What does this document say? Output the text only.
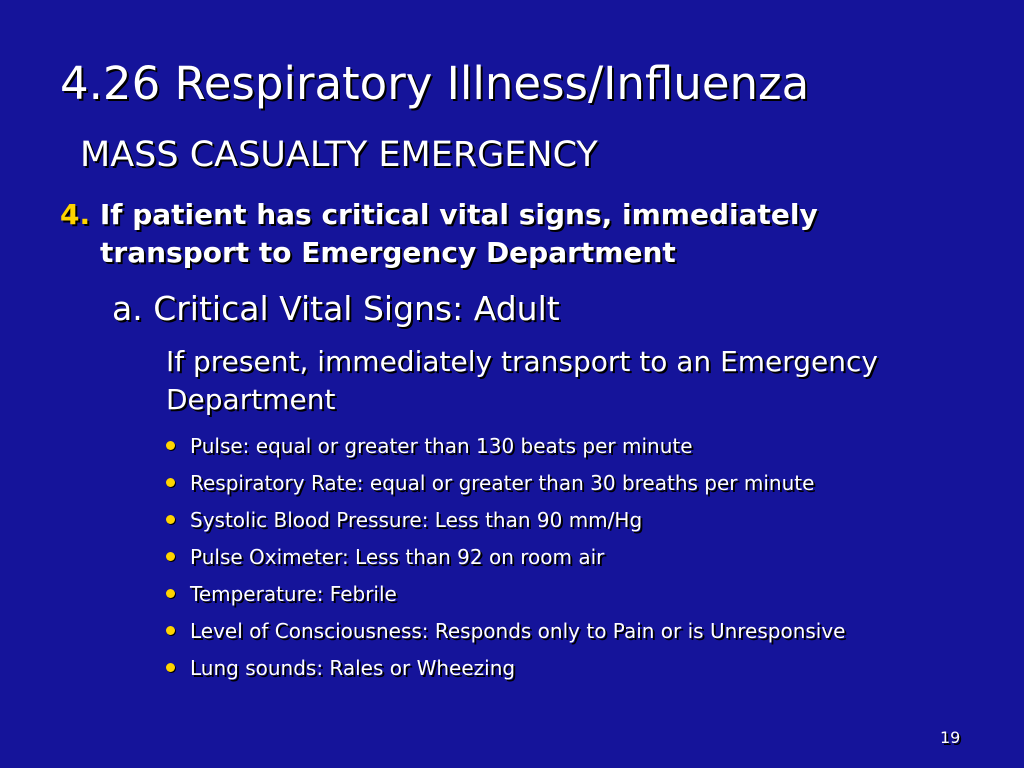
4.26 Respiratory Illness/Influenza
MASS CASUALTY EMERGENCY
4. If patient has critical vital signs, immediately
transport to Emergency Department
a. Critical Vital Signs: Adult
If present, immediately transport to an Emergency
Department
Pulse: equal or greater than 130 beats per minute
Respiratory Rate: equal or greater than 30 breaths per minute
Systolic Blood Pressure: Less than 90 mm/Hg
Pulse Oximeter: Less than 92 on room air
Temperature: Febrile
Level of Consciousness: Responds only to Pain or is Unresponsive
Lung sounds: Rales or Wheezing
19
